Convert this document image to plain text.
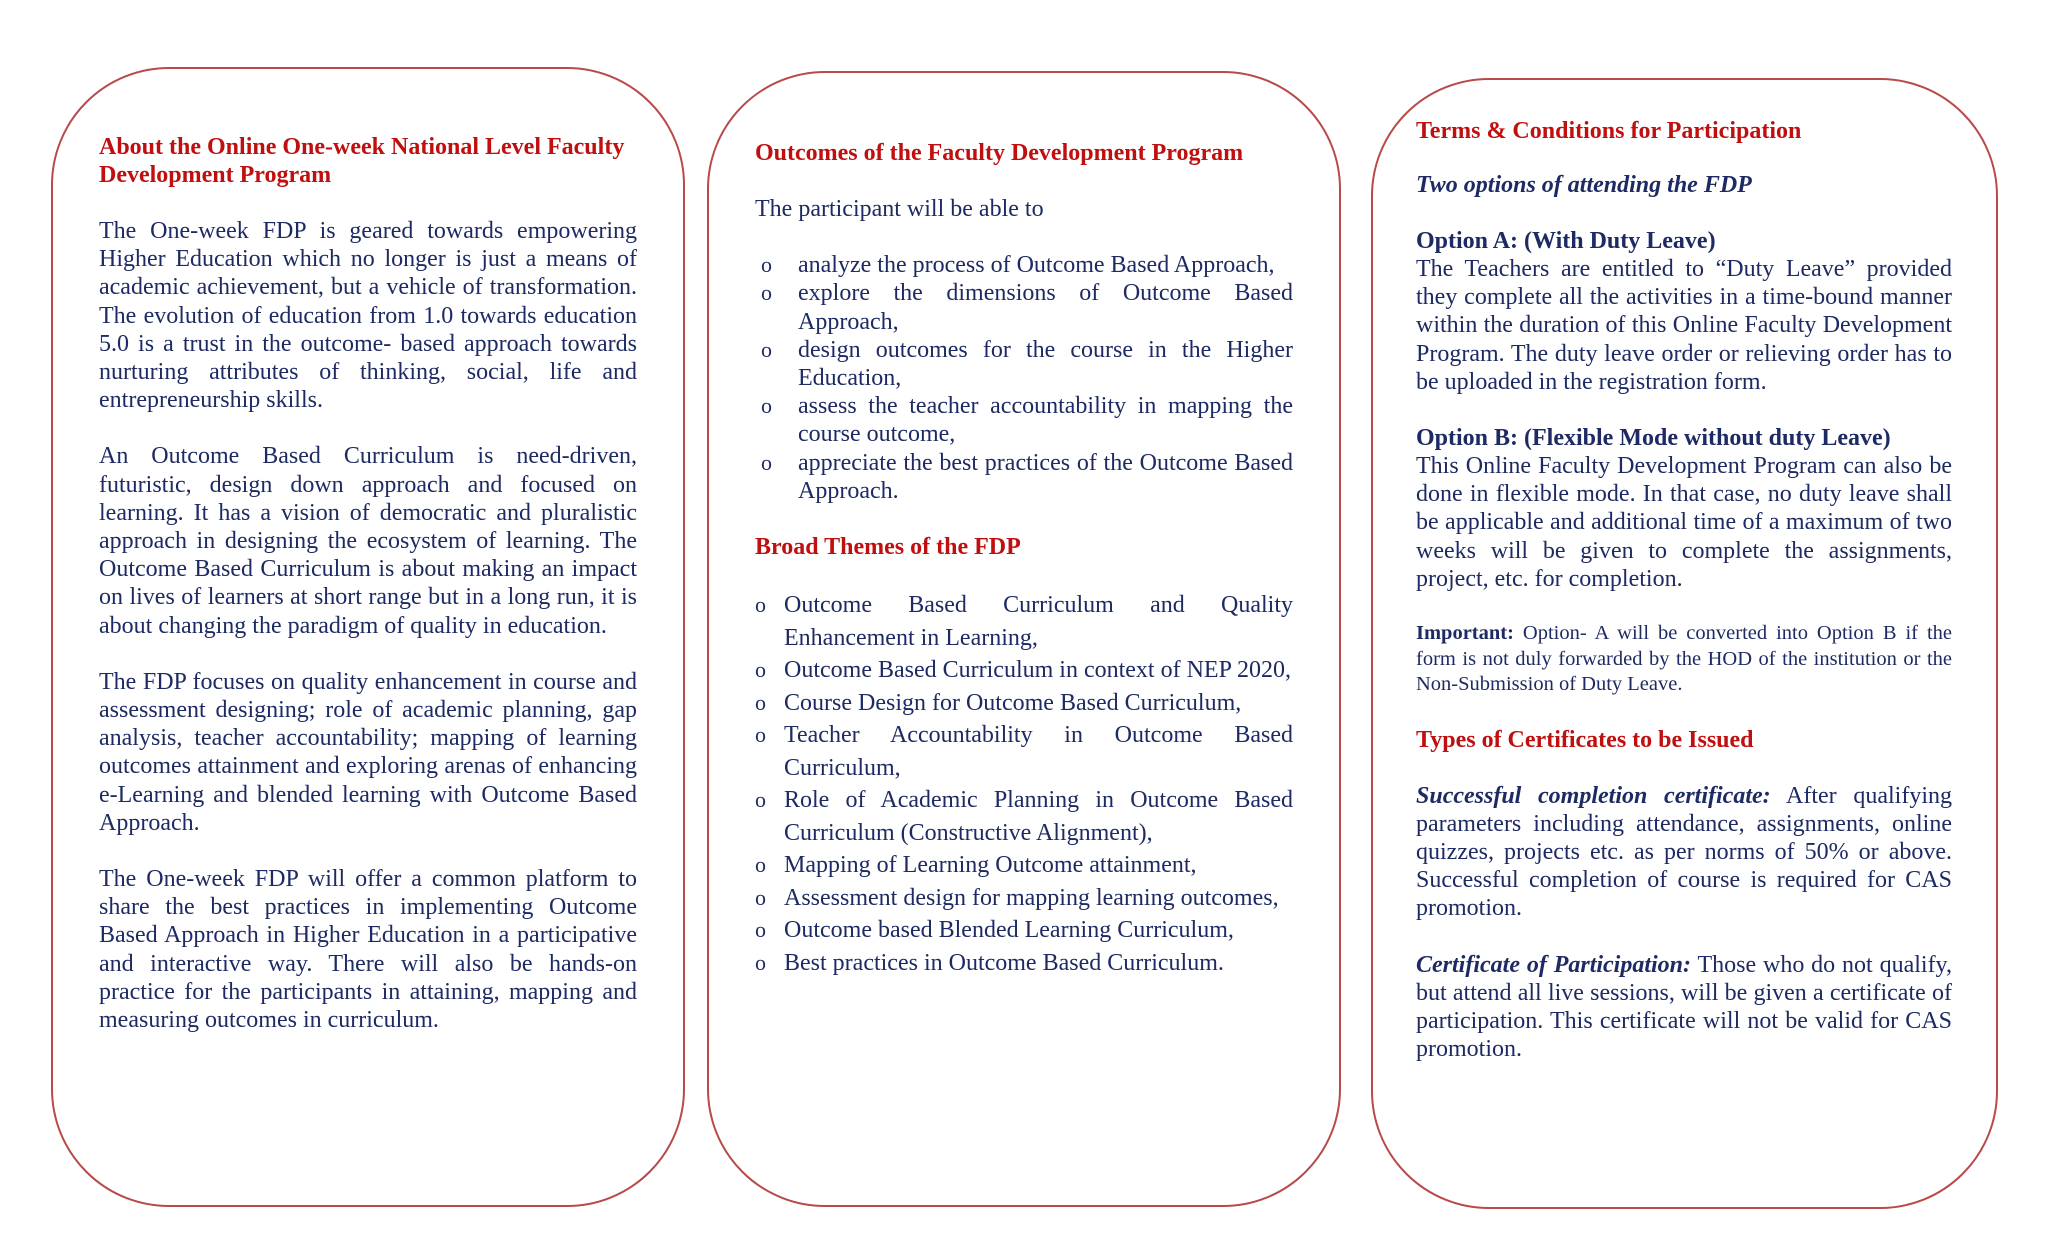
About the Online One-week National Level Faculty Development Program

The One-week FDP is geared towards empowering Higher Education which no longer is just a means of academic achievement, but a vehicle of transformation. The evolution of education from 1.0 towards education 5.0 is a trust in the outcome- based approach towards nurturing attributes of thinking, social, life and entrepreneurship skills.

An Outcome Based Curriculum is need-driven, futuristic, design down approach and focused on learning. It has a vision of democratic and pluralistic approach in designing the ecosystem of learning. The Outcome Based Curriculum is about making an impact on lives of learners at short range but in a long run, it is about changing the paradigm of quality in education.

The FDP focuses on quality enhancement in course and assessment designing; role of academic planning, gap analysis, teacher accountability; mapping of learning outcomes attainment and exploring arenas of enhancing e-Learning and blended learning with Outcome Based Approach.

The One-week FDP will offer a common platform to share the best practices in implementing Outcome Based Approach in Higher Education in a participative and interactive way. There will also be hands-on practice for the participants in attaining, mapping and measuring outcomes in curriculum.

Outcomes of the Faculty Development Program

The participant will be able to

o analyze the process of Outcome Based Approach,
o explore the dimensions of Outcome Based Approach,
o design outcomes for the course in the Higher Education,
o assess the teacher accountability in mapping the course outcome,
o appreciate the best practices of the Outcome Based Approach.

Broad Themes of the FDP

o Outcome Based Curriculum and Quality Enhancement in Learning,
o Outcome Based Curriculum in context of NEP 2020,
o Course Design for Outcome Based Curriculum,
o Teacher Accountability in Outcome Based Curriculum,
o Role of Academic Planning in Outcome Based Curriculum (Constructive Alignment),
o Mapping of Learning Outcome attainment,
o Assessment design for mapping learning outcomes,
o Outcome based Blended Learning Curriculum,
o Best practices in Outcome Based Curriculum.

Terms & Conditions for Participation

Two options of attending the FDP

Option A: (With Duty Leave)

The Teachers are entitled to “Duty Leave” provided they complete all the activities in a time-bound manner within the duration of this Online Faculty Development Program. The duty leave order or relieving order has to be uploaded in the registration form.

Option B: (Flexible Mode without duty Leave)

This Online Faculty Development Program can also be done in flexible mode. In that case, no duty leave shall be applicable and additional time of a maximum of two weeks will be given to complete the assignments, project, etc. for completion.

Important: Option- A will be converted into Option B if the form is not duly forwarded by the HOD of the institution or the Non-Submission of Duty Leave.

Types of Certificates to be Issued

Successful completion certificate: After qualifying parameters including attendance, assignments, online quizzes, projects etc. as per norms of 50% or above. Successful completion of course is required for CAS promotion.

Certificate of Participation: Those who do not qualify, but attend all live sessions, will be given a certificate of participation. This certificate will not be valid for CAS promotion.
